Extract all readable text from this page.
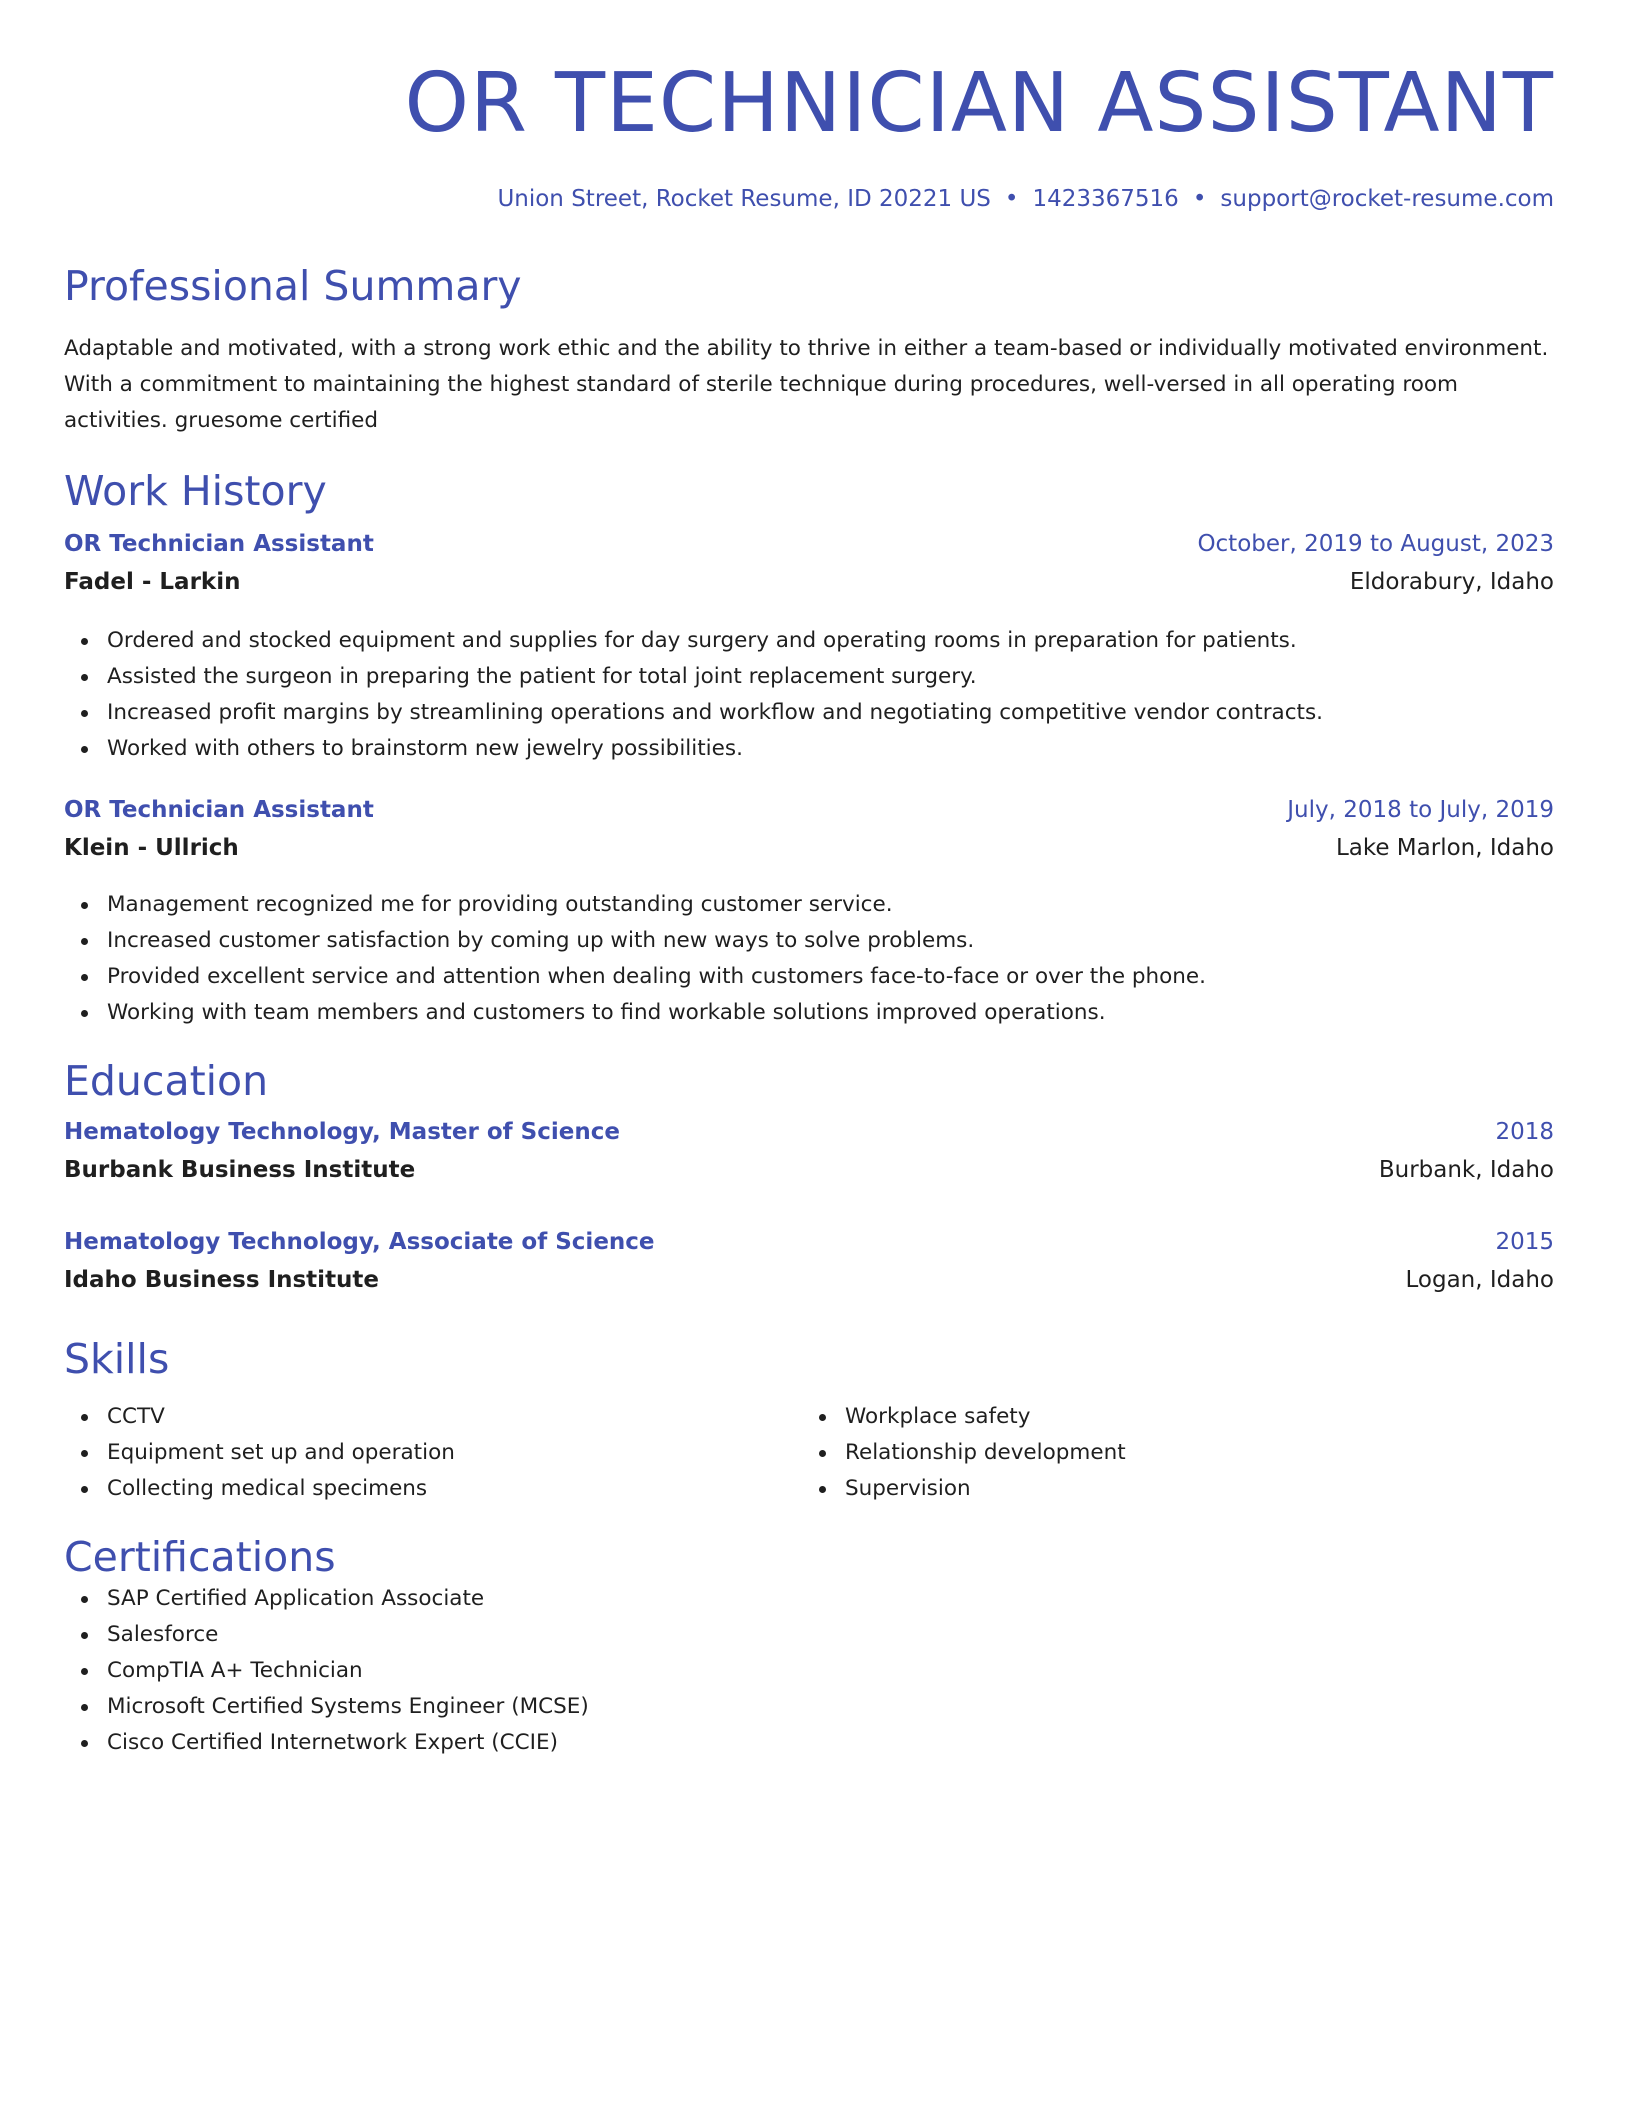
OR TECHNICIAN ASSISTANT
Union Street, Rocket Resume, ID 20221 US • 1423367516 • support@rocket-resume.com
Professional Summary
Adaptable and motivated, with a strong work ethic and the ability to thrive in either a team-based or individually motivated environment. With a commitment to maintaining the highest standard of sterile technique during procedures, well-versed in all operating room activities. gruesome certified
Work History
OR Technician Assistant	October, 2019 to August, 2023
Fadel - Larkin	Eldorabury, Idaho
Ordered and stocked equipment and supplies for day surgery and operating rooms in preparation for patients.
Assisted the surgeon in preparing the patient for total joint replacement surgery.
Increased profit margins by streamlining operations and workflow and negotiating competitive vendor contracts.
Worked with others to brainstorm new jewelry possibilities.
OR Technician Assistant	July, 2018 to July, 2019
Klein - Ullrich	Lake Marlon, Idaho
Management recognized me for providing outstanding customer service.
Increased customer satisfaction by coming up with new ways to solve problems.
Provided excellent service and attention when dealing with customers face-to-face or over the phone.
Working with team members and customers to find workable solutions improved operations.
Education
Hematology Technology, Master of Science	2018
Burbank Business Institute	Burbank, Idaho
Hematology Technology, Associate of Science	2015
Idaho Business Institute	Logan, Idaho
Skills
CCTV
Equipment set up and operation
Collecting medical specimens
Workplace safety
Relationship development
Supervision
Certifications
SAP Certified Application Associate
Salesforce
CompTIA A+ Technician
Microsoft Certified Systems Engineer (MCSE)
Cisco Certified Internetwork Expert (CCIE)
